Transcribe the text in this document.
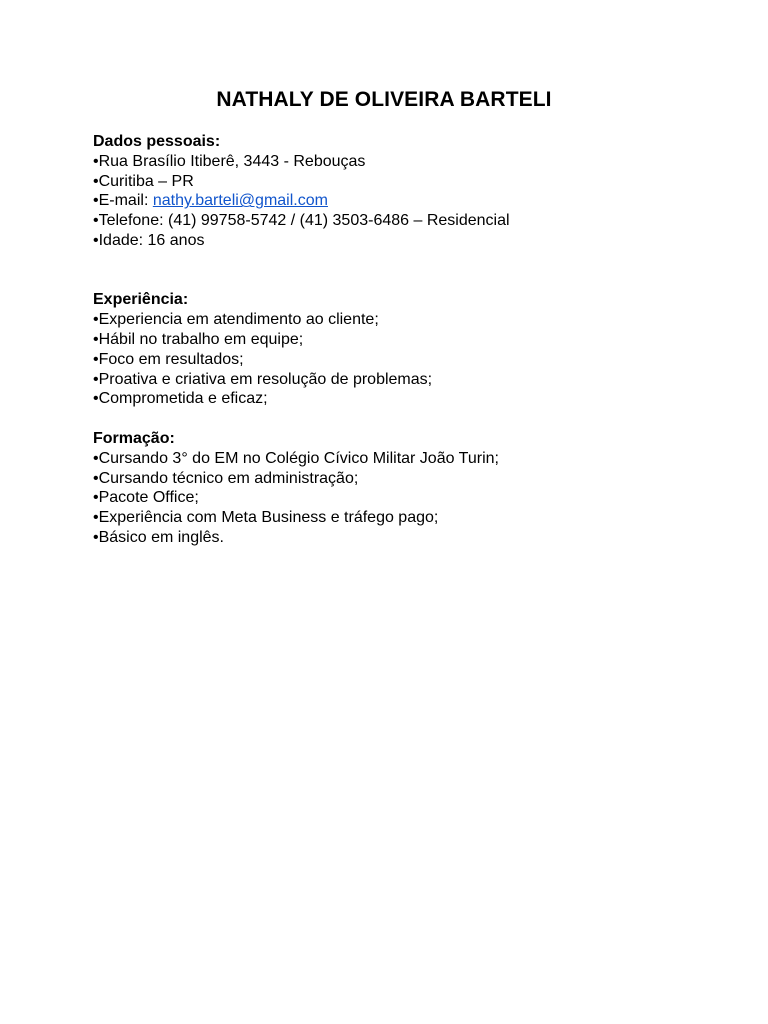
NATHALY DE OLIVEIRA BARTELI

Dados pessoais:

•Rua Brasílio Itiberê, 3443 - Rebouças

•Curitiba – PR

•E-mail: nathy.barteli@gmail.com

•Telefone: (41) 99758-5742 / (41) 3503-6486 – Residencial

•Idade: 16 anos

Experiência:

•Experiencia em atendimento ao cliente;

•Hábil no trabalho em equipe;

•Foco em resultados;

•Proativa e criativa em resolução de problemas;

•Comprometida e eficaz;

Formação:

•Cursando 3° do EM no Colégio Cívico Militar João Turin;

•Cursando técnico em administração;

•Pacote Office;

•Experiência com Meta Business e tráfego pago;

•Básico em inglês.
